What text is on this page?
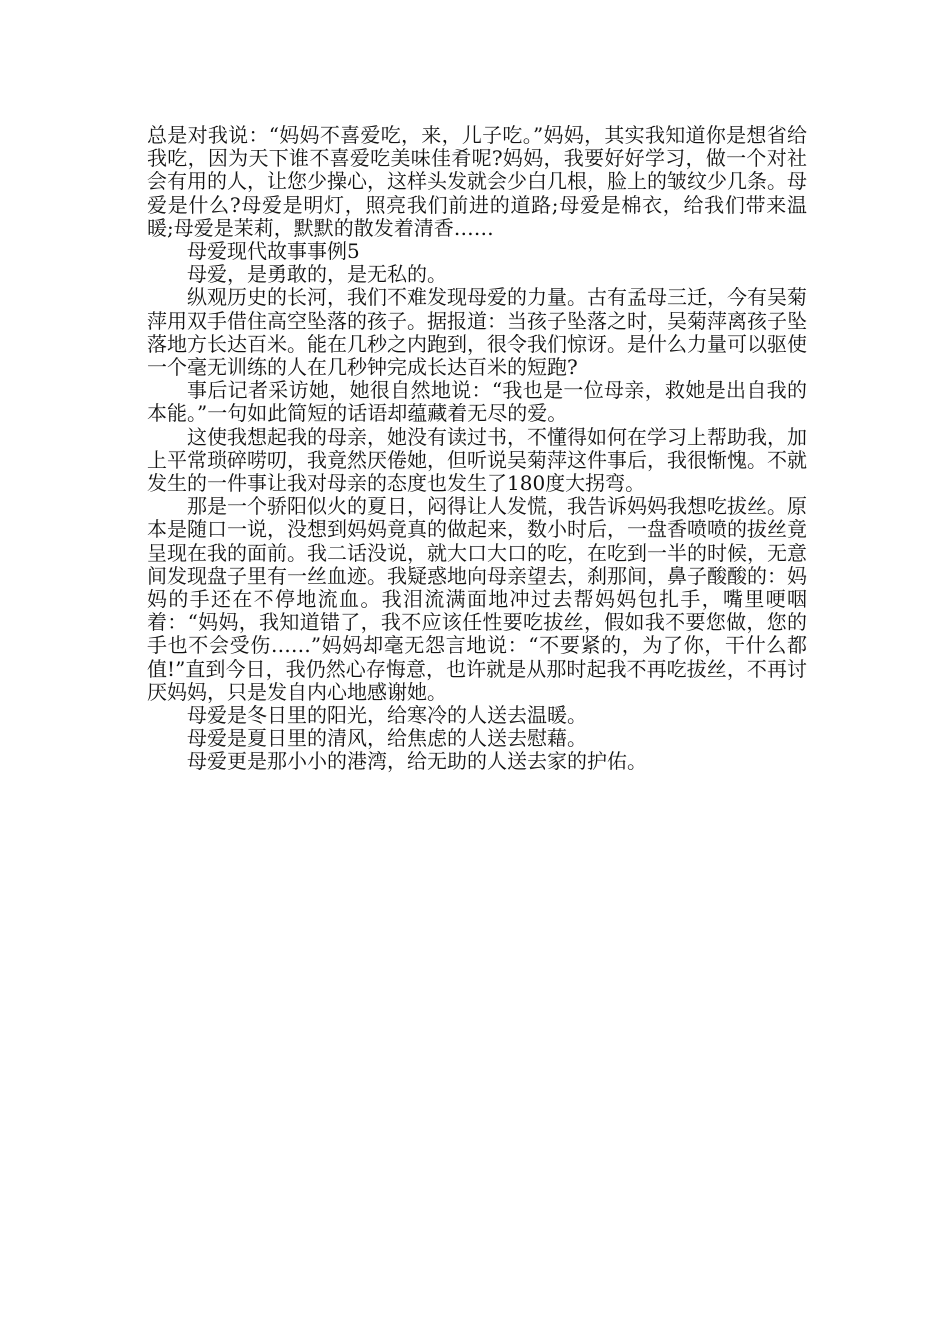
总是对我说：“妈妈不喜爱吃，来，儿子吃。”妈妈，其实我知道你是想省给我吃，因为天下谁不喜爱吃美味佳肴呢?妈妈，我要好好学习，做一个对社会有用的人，让您少操心，这样头发就会少白几根，脸上的皱纹少几条。母爱是什么?母爱是明灯，照亮我们前进的道路;母爱是棉衣，给我们带来温暖;母爱是茉莉，默默的散发着清香……

母爱现代故事事例5

母爱，是勇敢的，是无私的。

纵观历史的长河，我们不难发现母爱的力量。古有孟母三迁，今有吴菊萍用双手借住高空坠落的孩子。据报道：当孩子坠落之时，吴菊萍离孩子坠落地方长达百米。能在几秒之内跑到，很令我们惊讶。是什么力量可以驱使一个毫无训练的人在几秒钟完成长达百米的短跑?

事后记者采访她，她很自然地说：“我也是一位母亲，救她是出自我的本能。”一句如此简短的话语却蕴藏着无尽的爱。

这使我想起我的母亲，她没有读过书，不懂得如何在学习上帮助我，加上平常琐碎唠叨，我竟然厌倦她，但听说吴菊萍这件事后，我很惭愧。不就发生的一件事让我对母亲的态度也发生了180度大拐弯。

那是一个骄阳似火的夏日，闷得让人发慌，我告诉妈妈我想吃拔丝。原本是随口一说，没想到妈妈竟真的做起来，数小时后，一盘香喷喷的拔丝竟呈现在我的面前。我二话没说，就大口大口的吃，在吃到一半的时候，无意间发现盘子里有一丝血迹。我疑惑地向母亲望去，刹那间，鼻子酸酸的：妈妈的手还在不停地流血。我泪流满面地冲过去帮妈妈包扎手，嘴里哽咽着：“妈妈，我知道错了，我不应该任性要吃拔丝，假如我不要您做，您的手也不会受伤……”妈妈却毫无怨言地说：“不要紧的，为了你，干什么都值!”直到今日，我仍然心存悔意，也许就是从那时起我不再吃拔丝，不再讨厌妈妈，只是发自内心地感谢她。

母爱是冬日里的阳光，给寒冷的人送去温暖。

母爱是夏日里的清风，给焦虑的人送去慰藉。

母爱更是那小小的港湾，给无助的人送去家的护佑。
